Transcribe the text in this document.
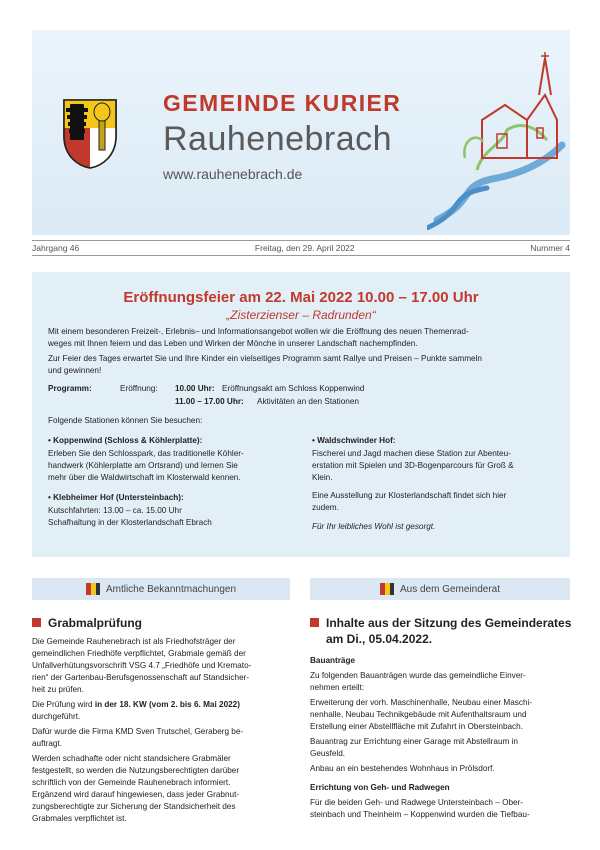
GEMEINDE KURIER
Rauhenebrach
www.rauhenebrach.de
Jahrgang 46	Freitag, den 29. April 2022	Nummer 4
Eröffnungsfeier am 22. Mai 2022 10.00 – 17.00 Uhr
„Zisterzienser – Radrunden“
Mit einem besonderen Freizeit-, Erlebnis– und Informationsangebot wollen wir die Eröffnung des neuen Themenrad-
weges mit Ihnen feiern und das Leben und Wirken der Mönche in unserer Landschaft nachempfinden.
Zur Feier des Tages erwartet Sie und Ihre Kinder ein vielseitiges Programm samt Rallye und Preisen – Punkte sammeln
und gewinnen!
Programm:	Eröffnung: 10.00 Uhr: Eröffnungsakt am Schloss Koppenwind
11.00 – 17.00 Uhr: Aktivitäten an den Stationen
Folgende Stationen können Sie besuchen:
• Koppenwind (Schloss & Köhlerplatte):
Erleben Sie den Schlosspark, das traditionelle Köhler-
handwerk (Köhlerplatte am Ortsrand) und lernen Sie
mehr über die Waldwirtschaft im Klosterwald kennen.
• Klebheimer Hof (Untersteinbach):
Kutschfahrten: 13.00 – ca. 15.00 Uhr
Schafhaltung in der Klosterlandschaft Ebrach
• Waldschwinder Hof:
Fischerei und Jagd machen diese Station zur Abenteu-
erstation mit Spielen und 3D-Bogenparcours für Groß &
Klein.
Eine Ausstellung zur Klosterlandschaft findet sich hier
zudem.
Für Ihr leibliches Wohl ist gesorgt.
Amtliche Bekanntmachungen	Aus dem Gemeinderat
Grabmalprüfung
Die Gemeinde Rauhenebrach ist als Friedhofsträger der
gemeindlichen Friedhöfe verpflichtet, Grabmale gemäß der
Unfallverhütungsvorschrift VSG 4.7 „Friedhöfe und Kremato-
rien“ der Gartenbau-Berufsgenossenschaft auf Standsicher-
heit zu prüfen.
Die Prüfung wird in der 18. KW (vom 2. bis 6. Mai 2022)
durchgeführt.
Dafür wurde die Firma KMD Sven Trutschel, Geraberg be-
auftragt.
Werden schadhafte oder nicht standsichere Grabmäler
festgestellt, so werden die Nutzungsberechtigten darüber
schriftlich von der Gemeinde Rauhenebrach informiert.
Ergänzend wird darauf hingewiesen, dass jeder Grabnut-
zungsberechtigte zur Sicherung der Standsicherheit des
Grabmales verpflichtet ist.
Inhalte aus der Sitzung des Gemeinderates
am Di., 05.04.2022.
Bauanträge
Zu folgenden Bauanträgen wurde das gemeindliche Einver-
nehmen erteilt:
Erweiterung der vorh. Maschinenhalle, Neubau einer Maschi-
nenhalle, Neubau Technikgebäude mit Aufenthaltsraum und
Erstellung einer Abstellfläche mit Zufahrt in Obersteinbach.
Bauantrag zur Errichtung einer Garage mit Abstellraum in
Geusfeld.
Anbau an ein bestehendes Wohnhaus in Prölsdorf.
Errichtung von Geh- und Radwegen
Für die beiden Geh- und Radwege Untersteinbach – Ober-
steinbach und Theinheim – Koppenwind wurden die Tiefbau-
